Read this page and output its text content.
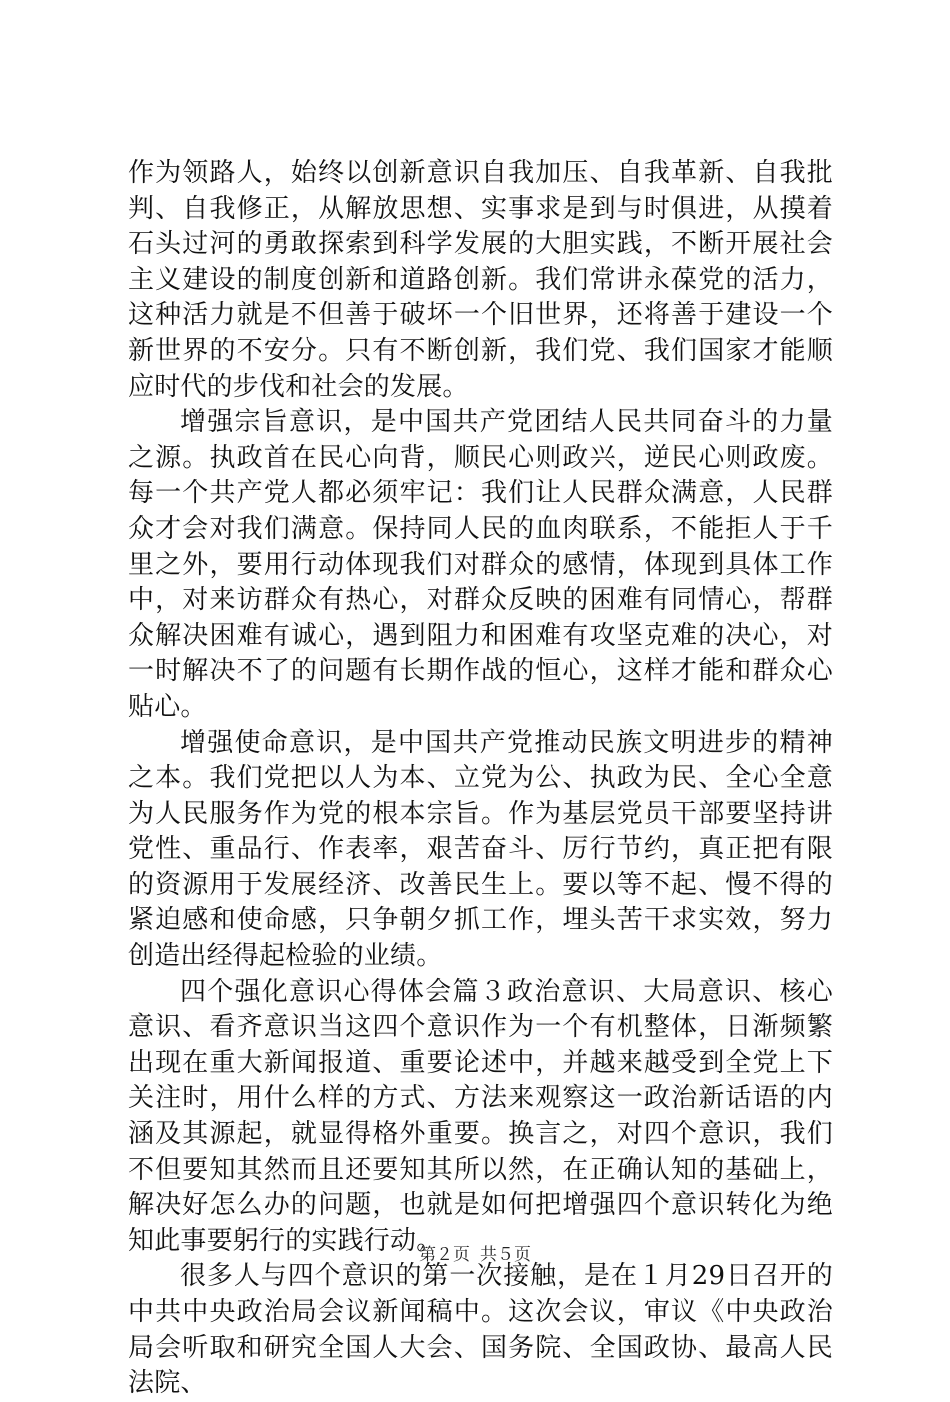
作为领路人，始终以创新意识自我加压、自我革新、自我批判、自我修正，从解放思想、实事求是到与时俱进，从摸着石头过河的勇敢探索到科学发展的大胆实践，不断开展社会主义建设的制度创新和道路创新。我们常讲永葆党的活力，这种活力就是不但善于破坏一个旧世界，还将善于建设一个新世界的不安分。只有不断创新，我们党、我们国家才能顺应时代的步伐和社会的发展。

增强宗旨意识，是中国共产党团结人民共同奋斗的力量之源。执政首在民心向背，顺民心则政兴，逆民心则政废。每一个共产党人都必须牢记：我们让人民群众满意，人民群众才会对我们满意。保持同人民的血肉联系，不能拒人于千里之外，要用行动体现我们对群众的感情，体现到具体工作中，对来访群众有热心，对群众反映的困难有同情心，帮群众解决困难有诚心，遇到阻力和困难有攻坚克难的决心，对一时解决不了的问题有长期作战的恒心，这样才能和群众心贴心。

增强使命意识，是中国共产党推动民族文明进步的精神之本。我们党把以人为本、立党为公、执政为民、全心全意为人民服务作为党的根本宗旨。作为基层党员干部要坚持讲党性、重品行、作表率，艰苦奋斗、厉行节约，真正把有限的资源用于发展经济、改善民生上。要以等不起、慢不得的紧迫感和使命感，只争朝夕抓工作，埋头苦干求实效，努力创造出经得起检验的业绩。

四个强化意识心得体会篇３政治意识、大局意识、核心意识、看齐意识当这四个意识作为一个有机整体，日渐频繁出现在重大新闻报道、重要论述中，并越来越受到全党上下关注时，用什么样的方式、方法来观察这一政治新话语的内涵及其源起，就显得格外重要。换言之，对四个意识，我们不但要知其然而且还要知其所以然，在正确认知的基础上，解决好怎么办的问题，也就是如何把增强四个意识转化为绝知此事要躬行的实践行动。

很多人与四个意识的第一次接触，是在１月29日召开的中共中央政治局会议新闻稿中。这次会议，审议《中央政治局会听取和研究全国人大会、国务院、全国政协、最高人民法院、

第２页 共５页
